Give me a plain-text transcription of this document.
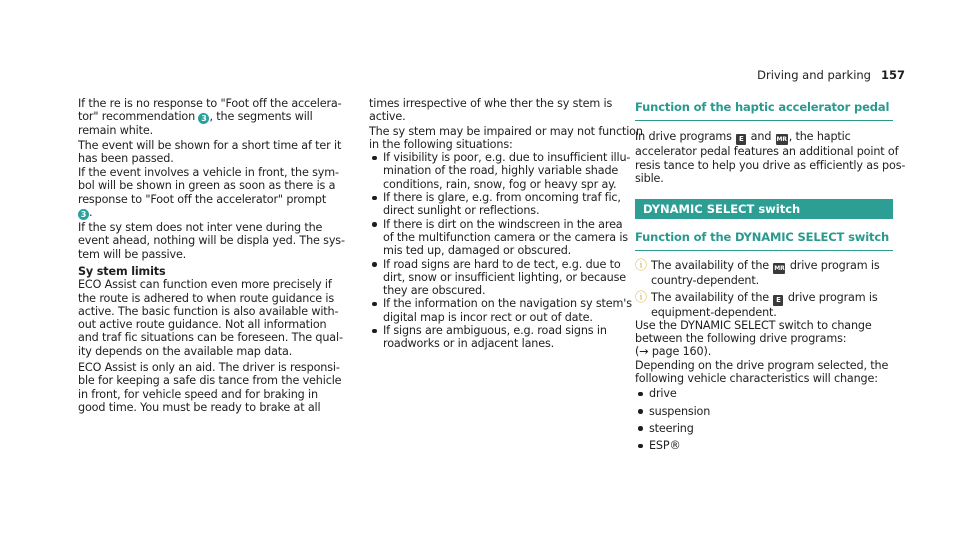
Driving and parking 157

If the re is no response to "Foot off the accelera‐
tor" recommendation 3 , the segments will
remain white.

The event will be shown for a short time af ter it
has been passed.

If the event involves a vehicle in front, the sym‐
bol will be shown in green as soon as there is a
response to "Foot off the accelerator" prompt
3 .

If the sy stem does not inter vene during the
event ahead, nothing will be displa yed. The sys‐
tem will be passive.

Sy stem limits
ECO Assist can function even more precisely if
the route is adhered to when route guidance is
active. The basic function is also available with‐
out active route guidance. Not all information
and traf fic situations can be foreseen. The qual‐
ity depends on the available map data.

ECO Assist is only an aid. The driver is responsi‐
ble for keeping a safe dis tance from the vehicle
in front, for vehicle speed and for braking in
good time. You must be ready to brake at all

times irrespective of whe ther the sy stem is
active.

The sy stem may be impaired or may not function
in the following situations:

If visibility is poor, e.g. due to insufficient illu‐
mination of the road, highly variable shade
conditions, rain, snow, fog or heavy spr ay.
If there is glare, e.g. from oncoming traf fic,
direct sunlight or reflections.
If there is dirt on the windscreen in the area
of the multifunction camera or the camera is
mis ted up, damaged or obscured.
If road signs are hard to de tect, e.g. due to
dirt, snow or insufficient lighting, or because
they are obscured.
If the information on the navigation sy stem's
digital map is incor rect or out of date.
If signs are ambiguous, e.g. road signs in
roadworks or in adjacent lanes.
Function of the haptic accelerator pedal

In drive programs E and MR , the haptic
accelerator pedal features an additional point of
resis tance to help you drive as efficiently as pos‐
sible.

DYNAMIC SELECT switch
Function of the DYNAMIC SELECT switch
ⓘ The availability of the MR drive program is
country-dependent.
ⓘ The availability of the E drive program is
equipment-dependent.

Use the DYNAMIC SELECT switch to change
between the following drive programs:
(→ page 160).

Depending on the drive program selected, the
following vehicle characteristics will change:

drive
suspension
steering
ESP®
